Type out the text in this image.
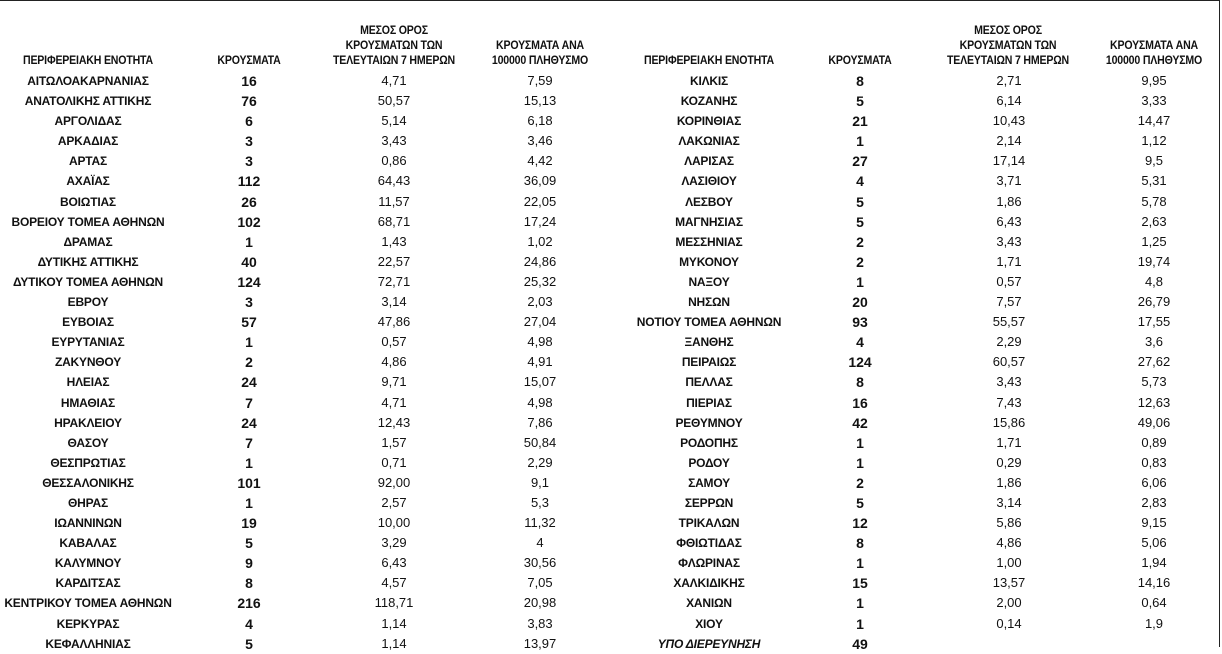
ΠΕΡΙΦΕΡΕΙΑΚΗ ΕΝΟΤΗΤΑ	ΚΡΟΥΣΜΑΤΑ
ΜΕΣΟΣ ΟΡΟΣ
ΚΡΟΥΣΜΑΤΩΝ ΤΩΝ
ΤΕΛΕΥΤΑΙΩΝ 7 ΗΜΕΡΩΝ
ΚΡΟΥΣΜΑΤΑ ΑΝΑ
100000 ΠΛΗΘΥΣΜΟ
ΑΙΤΩΛΟΑΚΑΡΝΑΝΙΑΣ	16	4,71	7,59
ΑΝΑΤΟΛΙΚΗΣ ΑΤΤΙΚΗΣ	76	50,57	15,13
ΑΡΓΟΛΙΔΑΣ	6	5,14	6,18
ΑΡΚΑΔΙΑΣ	3	3,43	3,46
ΑΡΤΑΣ	3	0,86	4,42
ΑΧΑΪΑΣ	112	64,43	36,09
ΒΟΙΩΤΙΑΣ	26	11,57	22,05
ΒΟΡΕΙΟΥ ΤΟΜΕΑ ΑΘΗΝΩΝ	102	68,71	17,24
ΔΡΑΜΑΣ	1	1,43	1,02
ΔΥΤΙΚΗΣ ΑΤΤΙΚΗΣ	40	22,57	24,86
ΔΥΤΙΚΟΥ ΤΟΜΕΑ ΑΘΗΝΩΝ	124	72,71	25,32
ΕΒΡΟΥ	3	3,14	2,03
ΕΥΒΟΙΑΣ	57	47,86	27,04
ΕΥΡΥΤΑΝΙΑΣ	1	0,57	4,98
ΖΑΚΥΝΘΟΥ	2	4,86	4,91
ΗΛΕΙΑΣ	24	9,71	15,07
ΗΜΑΘΙΑΣ	7	4,71	4,98
ΗΡΑΚΛΕΙΟΥ	24	12,43	7,86
ΘΑΣΟΥ	7	1,57	50,84
ΘΕΣΠΡΩΤΙΑΣ	1	0,71	2,29
ΘΕΣΣΑΛΟΝΙΚΗΣ	101	92,00	9,1
ΘΗΡΑΣ	1	2,57	5,3
ΙΩΑΝΝΙΝΩΝ	19	10,00	11,32
ΚΑΒΑΛΑΣ	5	3,29	4
ΚΑΛΥΜΝΟΥ	9	6,43	30,56
ΚΑΡΔΙΤΣΑΣ	8	4,57	7,05
ΚΕΝΤΡΙΚΟΥ ΤΟΜΕΑ ΑΘΗΝΩΝ	216	118,71	20,98
ΚΕΡΚΥΡΑΣ	4	1,14	3,83
ΚΕΦΑΛΛΗΝΙΑΣ	5	1,14	13,97
ΠΕΡΙΦΕΡΕΙΑΚΗ ΕΝΟΤΗΤΑ	ΚΡΟΥΣΜΑΤΑ
ΜΕΣΟΣ ΟΡΟΣ
ΚΡΟΥΣΜΑΤΩΝ ΤΩΝ
ΤΕΛΕΥΤΑΙΩΝ 7 ΗΜΕΡΩΝ
ΚΡΟΥΣΜΑΤΑ ΑΝΑ
100000 ΠΛΗΘΥΣΜΟ
ΚΙΛΚΙΣ	8	2,71	9,95
ΚΟΖΑΝΗΣ	5	6,14	3,33
ΚΟΡΙΝΘΙΑΣ	21	10,43	14,47
ΛΑΚΩΝΙΑΣ	1	2,14	1,12
ΛΑΡΙΣΑΣ	27	17,14	9,5
ΛΑΣΙΘΙΟΥ	4	3,71	5,31
ΛΕΣΒΟΥ	5	1,86	5,78
ΜΑΓΝΗΣΙΑΣ	5	6,43	2,63
ΜΕΣΣΗΝΙΑΣ	2	3,43	1,25
ΜΥΚΟΝΟΥ	2	1,71	19,74
ΝΑΞΟΥ	1	0,57	4,8
ΝΗΣΩΝ	20	7,57	26,79
ΝΟΤΙΟΥ ΤΟΜΕΑ ΑΘΗΝΩΝ	93	55,57	17,55
ΞΑΝΘΗΣ	4	2,29	3,6
ΠΕΙΡΑΙΩΣ	124	60,57	27,62
ΠΕΛΛΑΣ	8	3,43	5,73
ΠΙΕΡΙΑΣ	16	7,43	12,63
ΡΕΘΥΜΝΟΥ	42	15,86	49,06
ΡΟΔΟΠΗΣ	1	1,71	0,89
ΡΟΔΟΥ	1	0,29	0,83
ΣΑΜΟΥ	2	1,86	6,06
ΣΕΡΡΩΝ	5	3,14	2,83
ΤΡΙΚΑΛΩΝ	12	5,86	9,15
ΦΘΙΩΤΙΔΑΣ	8	4,86	5,06
ΦΛΩΡΙΝΑΣ	1	1,00	1,94
ΧΑΛΚΙΔΙΚΗΣ	15	13,57	14,16
ΧΑΝΙΩΝ	1	2,00	0,64
ΧΙΟΥ	1	0,14	1,9
ΥΠΟ ΔΙΕΡΕΥΝΗΣΗ	49
